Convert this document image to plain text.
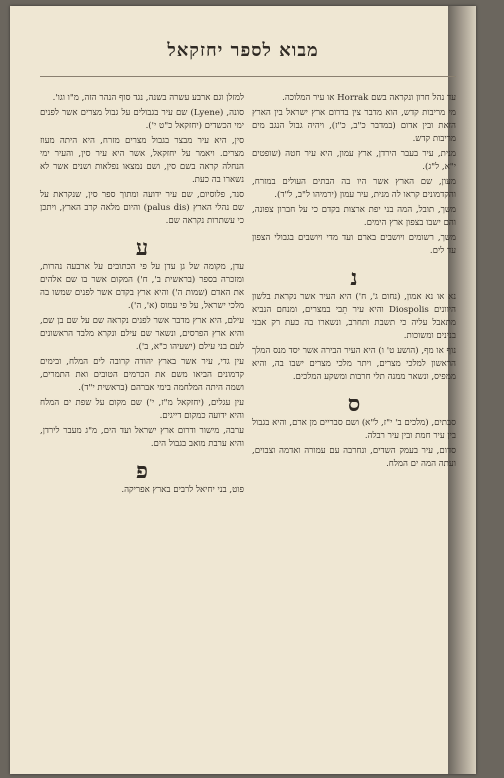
מבוא לספר יחזקאל

עד נהל חרון ונקראה בשם Horrak או עיר המלוכה.

מי מריבות קדש, הוא מדבר צין בדרום ארץ ישראל בין הארץ הזאת ובין אדום (במדבר כ"ב, כ"ז), ויהיה גבול הנגב מים מריבות קדש.

מנית, עיר בעבר הירדן, ארץ עמון, היא עיר חטה (שופטים י"א, ל"ג).

מעון, שם הארץ אשר היו בה הבתים העולים במזרח, והקדמונים קראו לה מנית, עיר עמון (ירמיהו ל"ב, ל"ד).

משך, תובל, המה בני יפת ארצות בקדם כי על חברון צפונה, והם ישבו בצפון ארץ הימים.

משך, רשומים ויושבים בארם ועד מדי ויושבים בגבולי הצפון עד לים.

נ

נא או נא אמון, (נחום ג', ח') היא העיר אשר נקראת בלשון היוונים Diospolis והיא עיר תֵבי במצרים, ומנחם הנביא מתאבל עליה כי תשבת ותחרב, ונשארו בה כעת רק אבני בנינים ומשוכות.

נוף או מף, (הושע ט' ו) היא העיר הבירה אשר יסד מנס המלך הראשון למלכי מצרים, ויתר מלכי מצרים ישבו בה, והיא ממפיס, ונשאר ממנה תלי חרבות ומשקע המלכים.

ס

סבתים, (מלכים ב' י"ז, ל"א) ושם סבריים מן ארם, והיא בגבול בין עיר חמת ובין עיר רבלה.

סדום, עיר בעמק השדים, ונחרבה עם עמורה ואדמה וצבוים, ועתה המה ים המלח.

למזלן וגם ארבע עשרה בשנה, נגד סוף הנהר הזה, מ"ו וגו'.

סונה, (Lyene) שם עיר בגבולים על גבול מצרים אשר לפנים ימי הכשדים (יחזקאל כ"ט י').

סין, היא עיר מבצר בגבול מצרים מזרח, היא היתה מעוז מצרים. ויאמר על יחזקאל, אשר היא עיר סין, והעיר ימי הנחלה קראה בשם סין, ושם נמצאו נפלאות ושנים אשר לא נשארו בה כעת.

סנד, פלוסיום, שם עיר ידועה ומתוך ספר סין, שנקראת על שם נהלי הארץ (palus dis) והיום מלאה קרב הארץ, ויתכן כי עשתרות נקראה שם.

ע

עדן, מקומה של גן עדן על פי הכתובים על ארבעה נהרות, ומזכרה בספר (בראשית ב', ח') המקום אשר בו שם אלהים את האדם (שמות ה') והיא ארץ בקדם אשר לפנים שמשו בה מלכי ישראל, על פי עמוס (א', ה').

עילם, היא ארץ מדבר אשר לפנים נקראה שם על שם בן שם, והיא ארץ הפרסים, ונשאר שם עילם ונקרא מלבד הראשונים לעם בני עילם (ישעיהו כ"א, ב').

עין גדי, עיר אשר בארץ יהודה קרובה לים המלח, ובימים קדמונים הביאו משם את הכרמים הטובים ואת התמרים, ושמה היתה המלחמה בימי אברהם (בראשית י"ד).

עין עגלים, (יחזקאל מ"ז, י') שם מקום על שפת ים המלח והיא ידועה כמקום דייגים.

ערבה, מישור ודרום ארץ ישראל ועד הים, מ"ג מעבר לירדן, והיא ערבת מואב בגבול הים.

פ

פוט, בני יחיאל לרבים בארץ אפריקה.
